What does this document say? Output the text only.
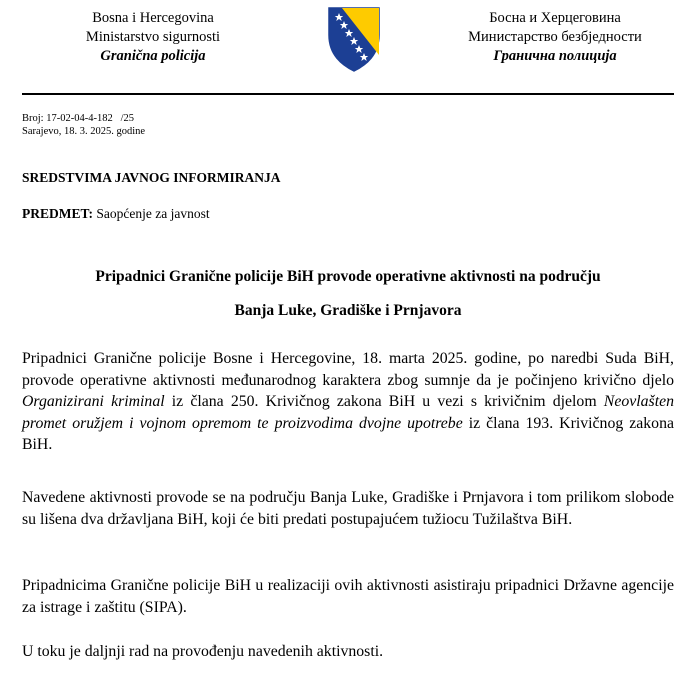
Bosna i Hercegovina
Ministarstvo sigurnosti
Granična policija
Босна и Херцеговина
Министарство безбједности
Гранична полиција
Broj: 17-02-04-4-182   /25
Sarajevo, 18. 3. 2025. godine
SREDSTVIMA JAVNOG INFORMIRANJA
PREDMET: Saopćenje za javnost
Pripadnici Granične policije BiH provode operativne aktivnosti na području
Banja Luke, Gradiške i Prnjavora
Pripadnici Granične policije Bosne i Hercegovine, 18. marta 2025. godine, po naredbi Suda BiH, provode operativne aktivnosti međunarodnog karaktera zbog sumnje da je počinjeno krivično djelo Organizirani kriminal iz člana 250. Krivičnog zakona BiH u vezi s krivičnim djelom Neovlašten promet oružjem i vojnom opremom te proizvodima dvojne upotrebe iz člana 193. Krivičnog zakona BiH.
Navedene aktivnosti provode se na području Banja Luke, Gradiške i Prnjavora i tom prilikom slobode su lišena dva državljana BiH, koji će biti predati postupajućem tužiocu Tužilaštva BiH.
Pripadnicima Granične policije BiH u realizaciji ovih aktivnosti asistiraju pripadnici Državne agencije za istrage i zaštitu (SIPA).
U toku je daljnji rad na provođenju navedenih aktivnosti.
